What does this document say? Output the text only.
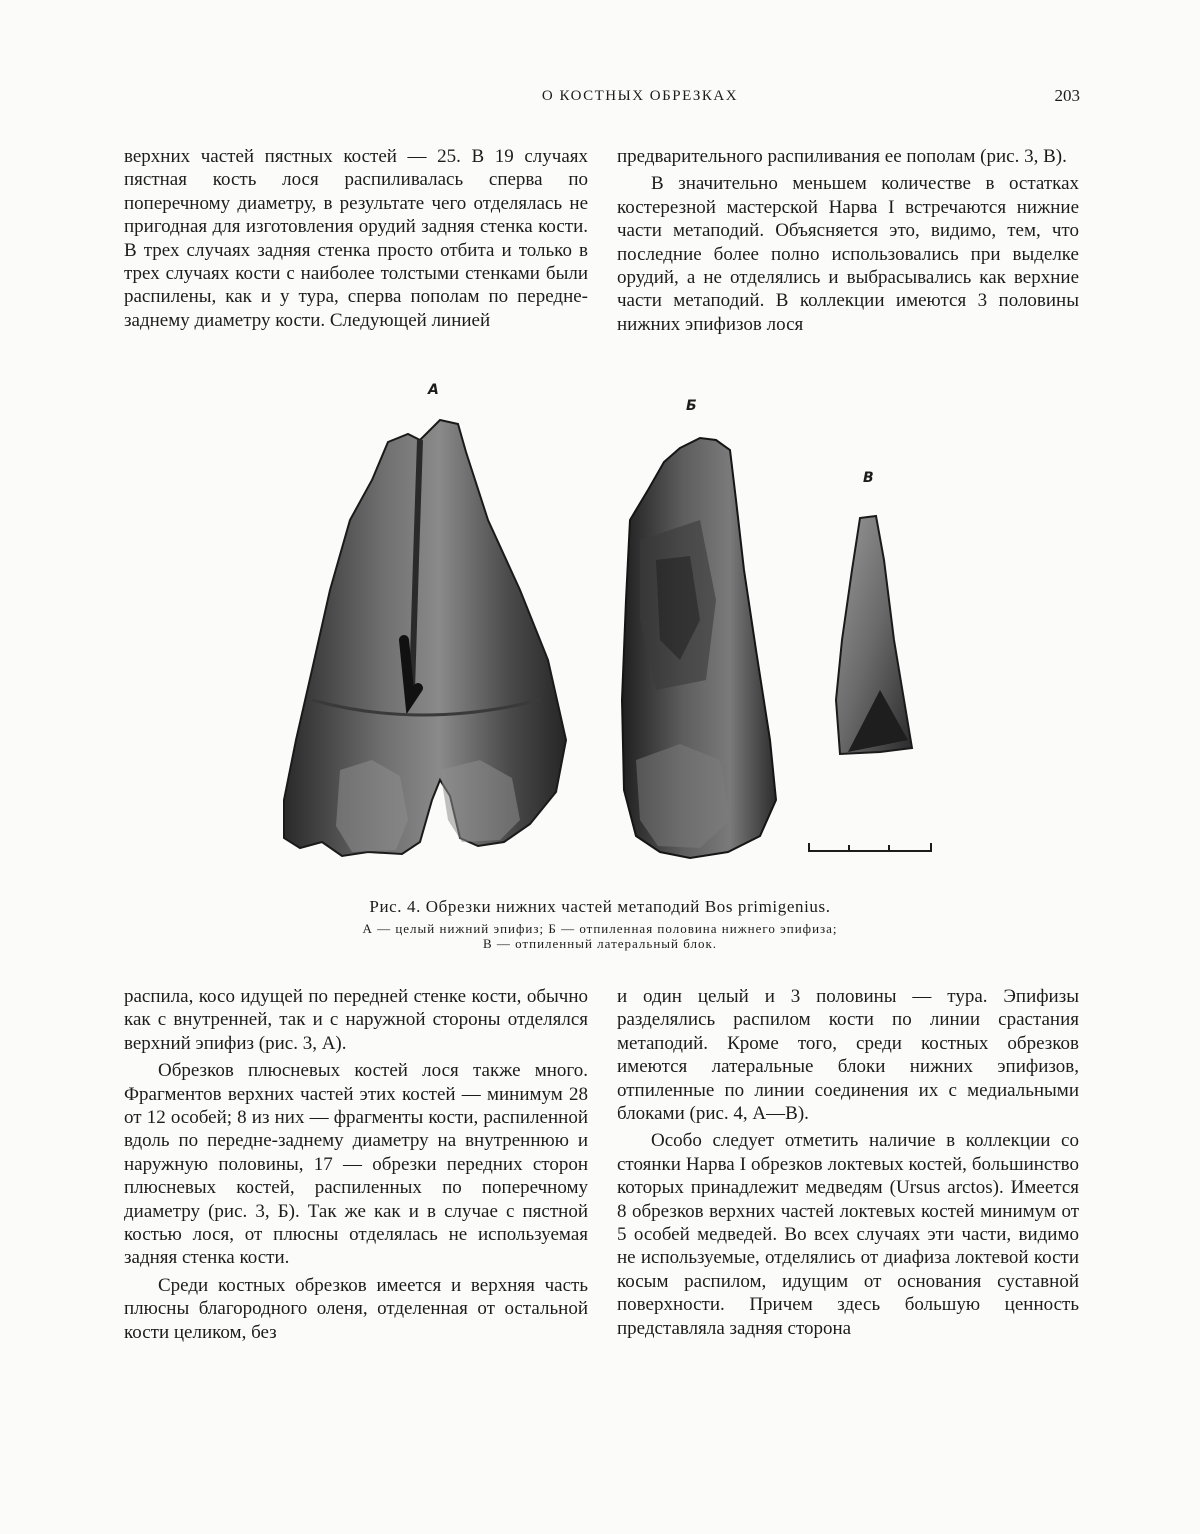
О КОСТНЫХ ОБРЕЗКАХ	203

верхних частей пястных костей — 25. В 19 случаях пястная кость лося распиливалась сперва по поперечному диаметру, в результате чего отделялась не пригодная для изготовления орудий задняя стенка кости. В трех случаях задняя стенка просто отбита и только в трех случаях кости с наиболее толстыми стенками были распилены, как и у тура, сперва пополам по передне-заднему диаметру кости. Следующей линией

предварительного распиливания ее пополам (рис. 3, В).

В значительно меньшем количестве в остатках костерезной мастерской Нарва I встречаются нижние части метаподий. Объясняется это, видимо, тем, что последние более полно использовались при выделке орудий, а не отделялись и выбрасывались как верхние части метаподий. В коллекции имеются 3 половины нижних эпифизов лося

А
Б
В
Рис. 4. Обрезки нижних частей метаподий Bos primigenius.
А — целый нижний эпифиз; Б — отпиленная половина нижнего эпифиза;
В — отпиленный латеральный блок.

распила, косо идущей по передней стенке кости, обычно как с внутренней, так и с наружной стороны отделялся верхний эпифиз (рис. 3, А).

Обрезков плюсневых костей лося также много. Фрагментов верхних частей этих костей — минимум 28 от 12 особей; 8 из них — фрагменты кости, распиленной вдоль по передне-заднему диаметру на внутреннюю и наружную половины, 17 — обрезки передних сторон плюсневых костей, распиленных по поперечному диаметру (рис. 3, Б). Так же как и в случае с пястной костью лося, от плюсны отделялась не используемая задняя стенка кости.

Среди костных обрезков имеется и верхняя часть плюсны благородного оленя, отделенная от остальной кости целиком, без

и один целый и 3 половины — тура. Эпифизы разделялись распилом кости по линии срастания метаподий. Кроме того, среди костных обрезков имеются латеральные блоки нижних эпифизов, отпиленные по линии соединения их с медиальными блоками (рис. 4, А—В).

Особо следует отметить наличие в коллекции со стоянки Нарва I обрезков локтевых костей, большинство которых принадлежит медведям (Ursus arctos). Имеется 8 обрезков верхних частей локтевых костей минимум от 5 особей медведей. Во всех случаях эти части, видимо не используемые, отделялись от диафиза локтевой кости косым распилом, идущим от основания суставной поверхности. Причем здесь большую ценность представляла задняя сторона
